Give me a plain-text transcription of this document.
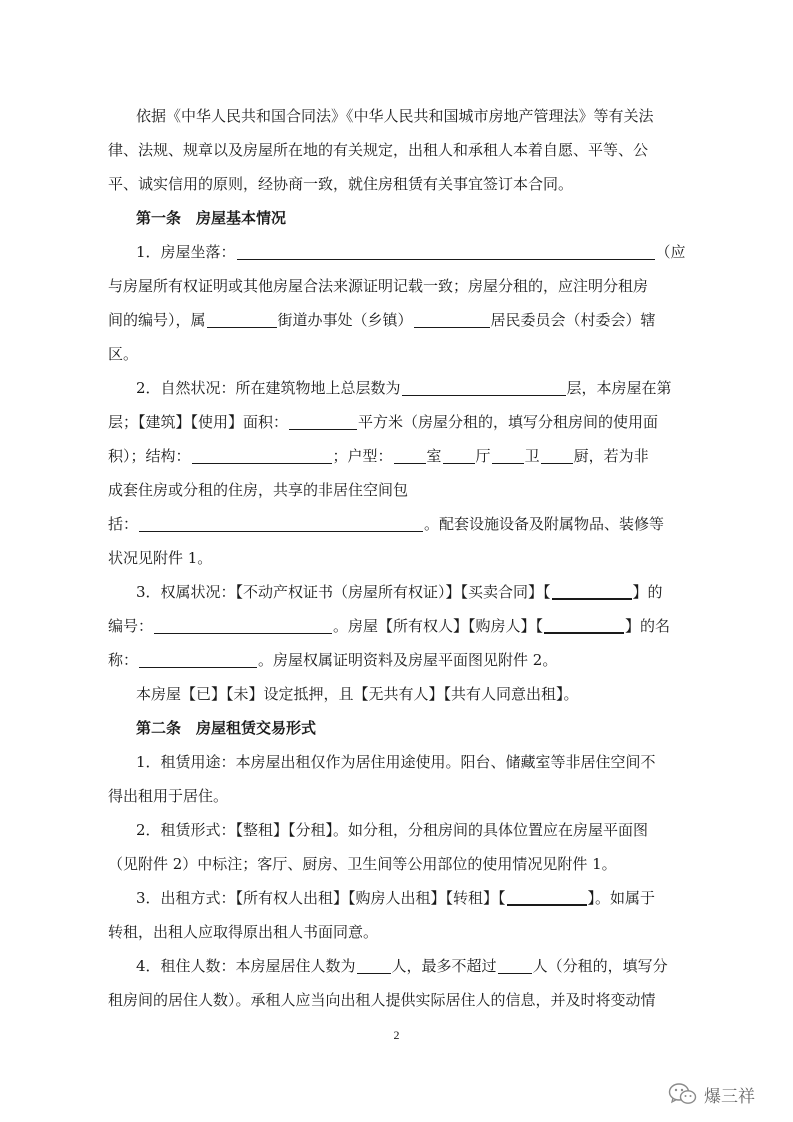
依据《中华人民共和国合同法》《中华人民共和国城市房地产管理法》等有关法
律、法规、规章以及房屋所在地的有关规定，出租人和承租人本着自愿、平等、公
平、诚实信用的原则，经协商一致，就住房租赁有关事宜签订本合同。
第一条　房屋基本情况
1．房屋坐落：	（应
与房屋所有权证明或其他房屋合法来源证明记载一致；房屋分租的，应注明分租房
间的编号），属	街道办事处（乡镇）	居民委员会（村委会）辖
区。
2．自然状况：所在建筑物地上总层数为	层，本房屋在第
层；【建筑】【使用】面积：	平方米（房屋分租的，填写分租房间的使用面
积）；结构：	；户型： 室 厅 卫 厨，若为非
成套住房或分租的住房，共享的非居住空间包
括：	。配套设施设备及附属物品、装修等
状况见附件 1。
3．权属状况：【不动产权证书（房屋所有权证）】【买卖合同】【	】的
编号：	。房屋【所有权人】【购房人】【	】的名
称：	。房屋权属证明资料及房屋平面图见附件 2。
本房屋【已】【未】设定抵押，且【无共有人】【共有人同意出租】。
第二条　房屋租赁交易形式
1．租赁用途：本房屋出租仅作为居住用途使用。阳台、储藏室等非居住空间不
得出租用于居住。
2．租赁形式：【整租】【分租】。如分租，分租房间的具体位置应在房屋平面图
（见附件 2）中标注；客厅、厨房、卫生间等公用部位的使用情况见附件 1。
3．出租方式：【所有权人出租】【购房人出租】【转租】【	】。如属于
转租，出租人应取得原出租人书面同意。
4．租住人数：本房屋居住人数为 人，最多不超过 人（分租的，填写分
租房间的居住人数）。承租人应当向出租人提供实际居住人的信息，并及时将变动情
2
爆三祥
